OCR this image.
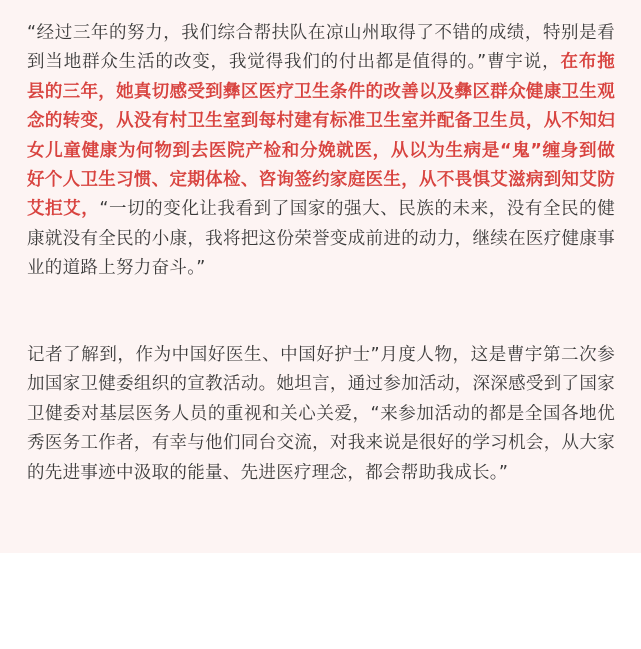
“经过三年的努力，我们综合帮扶队在凉山州取得了不错的成绩，特别是看到当地群众生活的改变，我觉得我们的付出都是值得的。”曹宇说，在布拖县的三年，她真切感受到彝区医疗卫生条件的改善以及彝区群众健康卫生观念的转变，从没有村卫生室到每村建有标准卫生室并配备卫生员，从不知妇女儿童健康为何物到去医院产检和分娩就医，从以为生病是“鬼”缠身到做好个人卫生习惯、定期体检、咨询签约家庭医生，从不畏惧艾滋病到知艾防艾拒艾，“一切的变化让我看到了国家的强大、民族的未来，没有全民的健康就没有全民的小康，我将把这份荣誉变成前进的动力，继续在医疗健康事业的道路上努力奋斗。”

记者了解到，作为中国好医生、中国好护士”月度人物，这是曹宇第二次参加国家卫健委组织的宣教活动。她坦言，通过参加活动，深深感受到了国家卫健委对基层医务人员的重视和关心关爱，“来参加活动的都是全国各地优秀医务工作者，有幸与他们同台交流，对我来说是很好的学习机会，从大家的先进事迹中汲取的能量、先进医疗理念，都会帮助我成长。”
